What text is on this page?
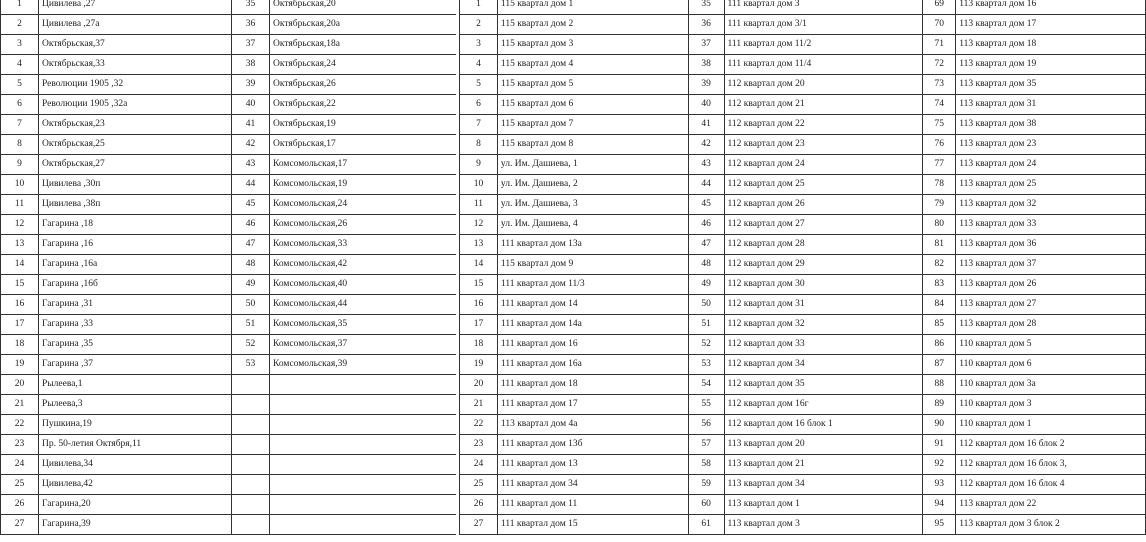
1	Цивилева ,27	35	Октябрьская,20
2	Цивилева ,27а	36	Октябрьская,20а
3	Октябрьская,37	37	Октябрьская,18а
4	Октябрьская,33	38	Октябрьская,24
5	Революции 1905 ,32	39	Октябрьская,26
6	Революции 1905 ,32а	40	Октябрьская,22
7	Октябрьская,23	41	Октябрьская,19
8	Октябрьская,25	42	Октябрьская,17
9	Октябрьская,27	43	Комсомольская,17
10	Цивилева ,30п	44	Комсомольская,19
11	Цивилева ,38п	45	Комсомольская,24
12	Гагарина ,18	46	Комсомольская,26
13	Гагарина ,16	47	Комсомольская,33
14	Гагарина ,16а	48	Комсомольская,42
15	Гагарина ,16б	49	Комсомольская,40
16	Гагарина ,31	50	Комсомольская,44
17	Гагарина ,33	51	Комсомольская,35
18	Гагарина ,35	52	Комсомольская,37
19	Гагарина ,37	53	Комсомольская,39
20	Рылеева,1		
21	Рылеева,3		
22	Пушкина,19		
23	Пр. 50-летия Октября,11		
24	Цивилева,34		
25	Цивилева,42		
26	Гагарина,20		
27	Гагарина,39		
1	115 квартал дом 1	35	111 квартал дом 3	69	113 квартал дом 16
2	115 квартал дом 2	36	111 квартал дом 3/1	70	113 квартал дом 17
3	115 квартал дом 3	37	111 квартал дом 11/2	71	113 квартал дом 18
4	115 квартал дом 4	38	111 квартал дом 11/4	72	113 квартал дом 19
5	115 квартал дом 5	39	112 квартал дом 20	73	113 квартал дом 35
6	115 квартал дом 6	40	112 квартал дом 21	74	113 квартал дом 31
7	115 квартал дом 7	41	112 квартал дом 22	75	113 квартал дом 38
8	115 квартал дом 8	42	112 квартал дом 23	76	113 квартал дом 23
9	ул. Им. Дашиева, 1	43	112 квартал дом 24	77	113 квартал дом 24
10	ул. Им. Дашиева, 2	44	112 квартал дом 25	78	113 квартал дом 25
11	ул. Им. Дашиева, 3	45	112 квартал дом 26	79	113 квартал дом 32
12	ул. Им. Дашиева, 4	46	112 квартал дом 27	80	113 квартал дом 33
13	111 квартал дом 13а	47	112 квартал дом 28	81	113 квартал дом 36
14	115 квартал дом 9	48	112 квартал дом 29	82	113 квартал дом 37
15	111 квартал дом 11/3	49	112 квартал дом 30	83	113 квартал дом 26
16	111 квартал дом 14	50	112 квартал дом 31	84	113 квартал дом 27
17	111 квартал дом 14а	51	112 квартал дом 32	85	113 квартал дом 28
18	111 квартал дом 16	52	112 квартал дом 33	86	110 квартал дом 5
19	111 квартал дом 16а	53	112 квартал дом 34	87	110 квартал дом 6
20	111 квартал дом 18	54	112 квартал дом 35	88	110 квартал дом 3а
21	111 квартал дом 17	55	112 квартал дом 16г	89	110 квартал дом 3
22	113 квартал дом 4а	56	112 квартал дом 16 блок 1	90	110 квартал дом 1
23	111 квартал дом 13б	57	113 квартал дом 20	91	112 квартал дом 16 блок 2
24	111 квартал дом 13	58	113 квартал дом 21	92	112 квартал дом 16 блок 3,
25	111 квартал дом 34	59	113 квартал дом 34	93	112 квартал дом 16 блок 4
26	111 квартал дом 11	60	113 квартал дом 1	94	113 квартал дом 22
27	111 квартал дом 15	61	113 квартал дом 3	95	113 квартал дом 3 блок 2
